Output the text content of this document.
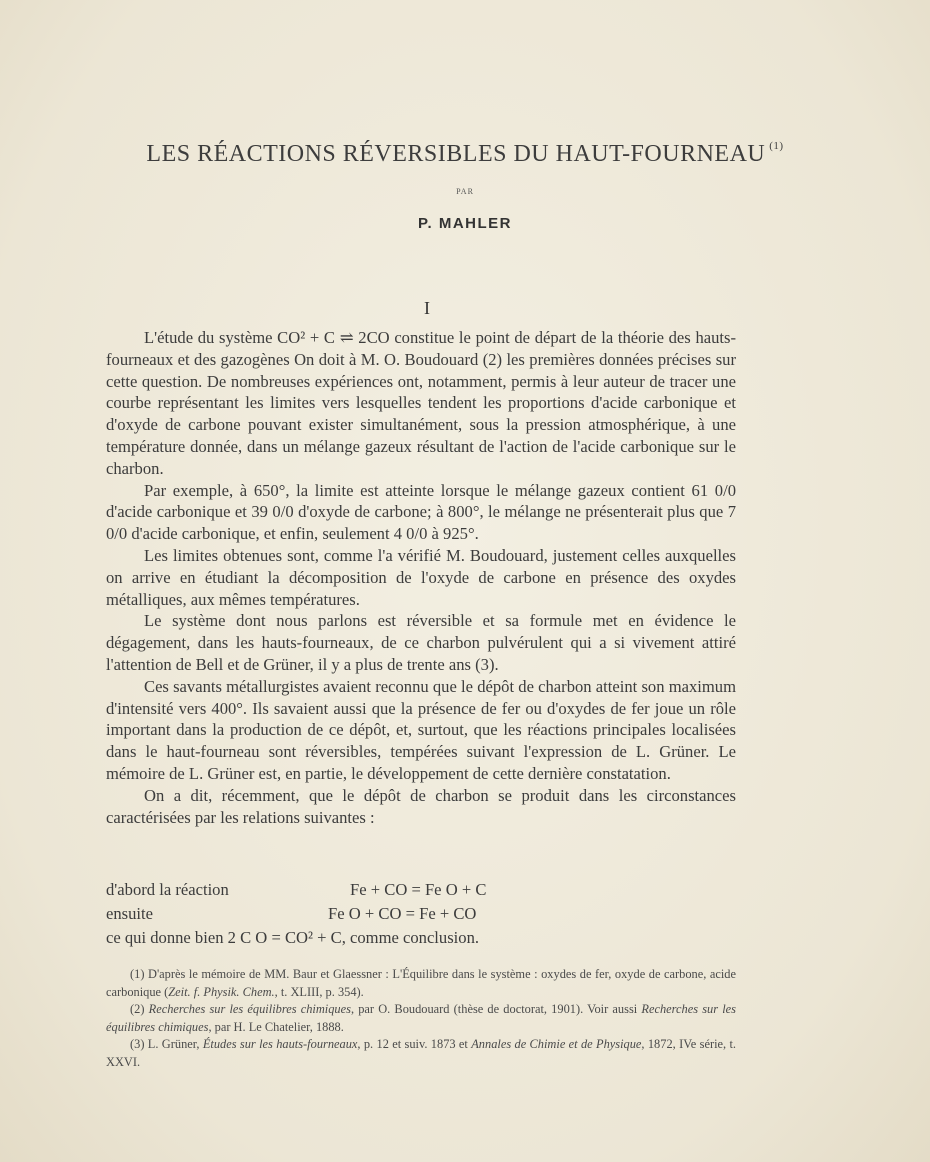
LES RÉACTIONS RÉVERSIBLES DU HAUT-FOURNEAU $^{(1)}$
PAR
P. MAHLER
I

L'étude du système CO² + C ⇌ 2CO constitue le point de départ de la théorie des hauts-fourneaux et des gazogènes On doit à M. O. Boudouard (2) les premières données précises sur cette question. De nombreuses expériences ont, notamment, permis à leur auteur de tracer une courbe représentant les limites vers lesquelles tendent les proportions d'acide carbonique et d'oxyde de carbone pouvant exister simultanément, sous la pression atmosphérique, à une température donnée, dans un mélange gazeux résultant de l'action de l'acide carbonique sur le charbon.

Par exemple, à 650°, la limite est atteinte lorsque le mélange gazeux contient 61 0/0 d'acide carbonique et 39 0/0 d'oxyde de carbone; à 800°, le mélange ne présenterait plus que 7 0/0 d'acide carbonique, et enfin, seulement 4 0/0 à 925°.

Les limites obtenues sont, comme l'a vérifié M. Boudouard, justement celles auxquelles on arrive en étudiant la décomposition de l'oxyde de carbone en présence des oxydes métalliques, aux mêmes températures.

Le système dont nous parlons est réversible et sa formule met en évidence le dégagement, dans les hauts-fourneaux, de ce charbon pulvérulent qui a si vivement attiré l'attention de Bell et de Grüner, il y a plus de trente ans (3).

Ces savants métallurgistes avaient reconnu que le dépôt de charbon atteint son maximum d'intensité vers 400°. Ils savaient aussi que la présence de fer ou d'oxydes de fer joue un rôle important dans la production de ce dépôt, et, surtout, que les réactions principales localisées dans le haut-fourneau sont réversibles, tempérées suivant l'expression de L. Grüner. Le mémoire de L. Grüner est, en partie, le développement de cette dernière constatation.

On a dit, récemment, que le dépôt de charbon se produit dans les circonstances caractérisées par les relations suivantes :

d'abord la réaction	Fe + CO = Fe O + C
ensuite	Fe O + CO = Fe + CO
ce qui donne bien 2 C O = CO² + C, comme conclusion.

(1) D'après le mémoire de MM. Baur et Glaessner : L'Équilibre dans le système : oxydes de fer, oxyde de carbone, acide carbonique (Zeit. f. Physik. Chem., t. XLIII, p. 354).

(2) Recherches sur les équilibres chimiques, par O. Boudouard (thèse de doctorat, 1901). Voir aussi Recherches sur les équilibres chimiques, par H. Le Chatelier, 1888.

(3) L. Grüner, Études sur les hauts-fourneaux, p. 12 et suiv. 1873 et Annales de Chimie et de Physique, 1872, IVe série, t. XXVI.
